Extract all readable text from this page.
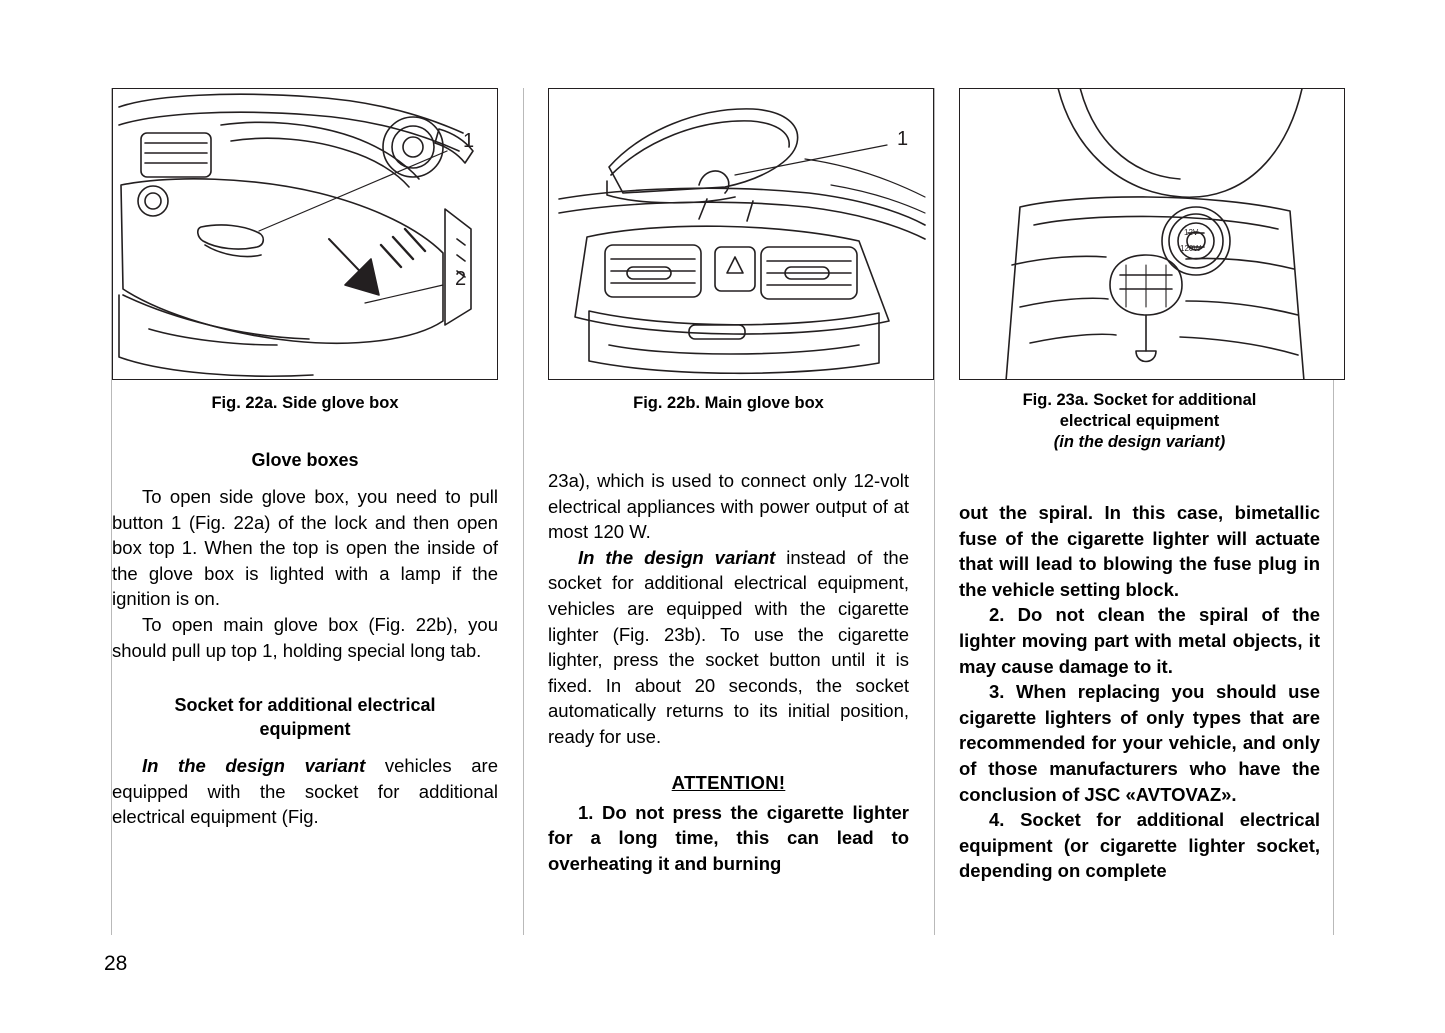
1
2
Fig. 22a. Side glove box
Glove boxes

To open side glove box, you need to pull button 1 (Fig. 22a) of the lock and then open box top 1. When the top is open the inside of the glove box is lighted with a lamp if the ignition is on.

To open main glove box (Fig. 22b), you should pull up top 1, holding special long tab.

Socket for additional electrical
equipment

In the design variant vehicles are equipped with the socket for additional electrical equipment (Fig.

1
Fig. 22b. Main glove box

23a), which is used to connect only 12-volt electrical appliances with power output of at most 120 W.

In the design variant instead of the socket for additional electrical equipment, vehicles are equipped with the cigarette lighter (Fig. 23b). To use the cigarette lighter, press the socket button until it is fixed. In about 20 seconds, the socket automatically returns to its initial position, ready for use.

ATTENTION!

1. Do not press the cigarette lighter for a long time, this can lead to overheating it and burning

12V
120W
Fig. 23a. Socket for additional
electrical equipment
(in the design variant)

out the spiral. In this case, bimetallic fuse of the cigarette lighter will actuate that will lead to blowing the fuse plug in the vehicle setting block.

2. Do not clean the spiral of the lighter moving part with metal objects, it may cause damage to it.

3. When replacing you should use cigarette lighters of only types that are recommended for your vehicle, and only of those manufacturers who have the conclusion of JSC «AVTOVAZ».

4. Socket for additional electrical equipment (or cigarette lighter socket, depending on complete

28
